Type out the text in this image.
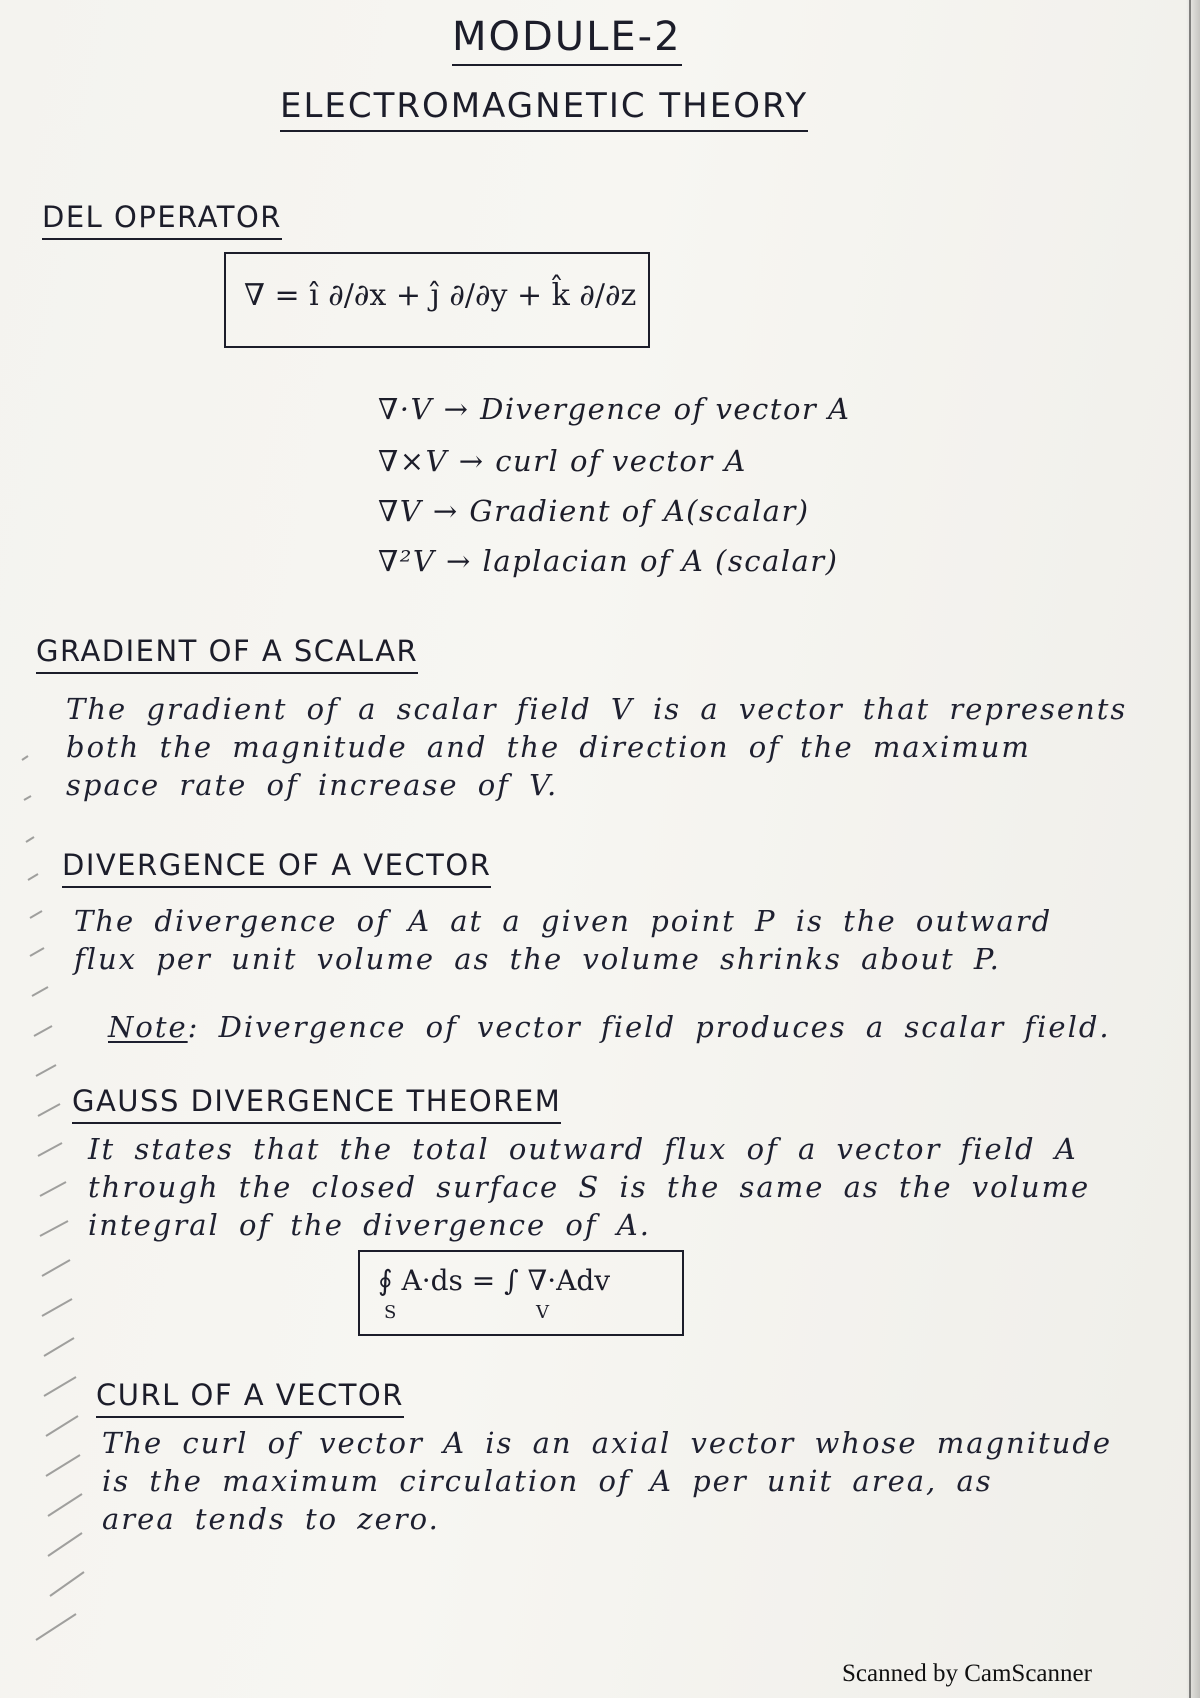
MODULE-2
ELECTROMAGNETIC THEORY
DEL OPERATOR
∇ = î ∂/∂x + ĵ ∂/∂y + k̂ ∂/∂z
∇·V → Divergence of vector A
∇×V → curl of vector A
∇V → Gradient of A(scalar)
∇²V → laplacian of A (scalar)
GRADIENT OF A SCALAR
The gradient of a scalar field V is a vector that represents
both the magnitude and the direction of the maximum
space rate of increase of V.
DIVERGENCE OF A VECTOR
The divergence of A at a given point P is the outward
flux per unit volume as the volume shrinks about P.
Note: Divergence of vector field produces a scalar field.
GAUSS DIVERGENCE THEOREM
It states that the total outward flux of a vector field A
through the closed surface S is the same as the volume
integral of the divergence of A.
∮ A·ds = ∫ ∇·Adv
S	V
CURL OF A VECTOR
The curl of vector A is an axial vector whose magnitude
is the maximum circulation of A per unit area, as
area tends to zero.
Scanned by CamScanner
